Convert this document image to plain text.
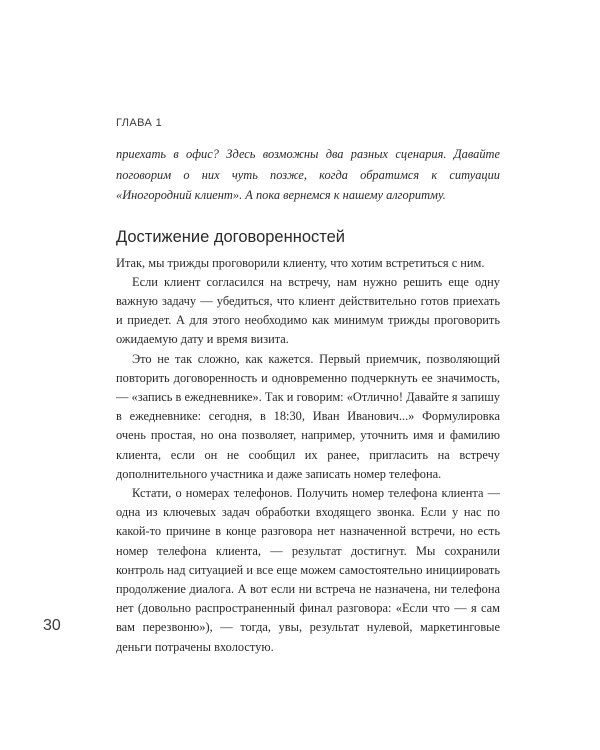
ГЛАВА 1

приехать в офис? Здесь возможны два разных сценария. Давайте поговорим о них чуть позже, когда обратимся к ситуации «Иногородний клиент». А пока вернемся к нашему алгоритму.

Достижение договоренностей

Итак, мы трижды проговорили клиенту, что хотим встретиться с ним.

Если клиент согласился на встречу, нам нужно решить еще одну важную задачу — убедиться, что клиент действительно готов приехать и приедет. А для этого необходимо как минимум трижды проговорить ожидаемую дату и время визита.

Это не так сложно, как кажется. Первый приемчик, позволяющий повторить договоренность и одновременно подчеркнуть ее значимость, — «запись в ежедневнике». Так и говорим: «Отлично! Давайте я запишу в ежедневнике: сегодня, в 18:30, Иван Иванович...» Формулировка очень простая, но она позволяет, например, уточнить имя и фамилию клиента, если он не сообщил их ранее, пригласить на встречу дополнительного участника и даже записать номер телефона.

Кстати, о номерах телефонов. Получить номер телефона клиента — одна из ключевых задач обработки входящего звонка. Если у нас по какой-то причине в конце разговора нет назначенной встречи, но есть номер телефона клиента, — результат достигнут. Мы сохранили контроль над ситуацией и все еще можем самостоятельно инициировать продолжение диалога. А вот если ни встреча не назначена, ни телефона нет (довольно распространенный финал разговора: «Если что — я сам вам перезвоню»), — тогда, увы, результат нулевой, маркетинговые деньги потрачены вхолостую.

30
